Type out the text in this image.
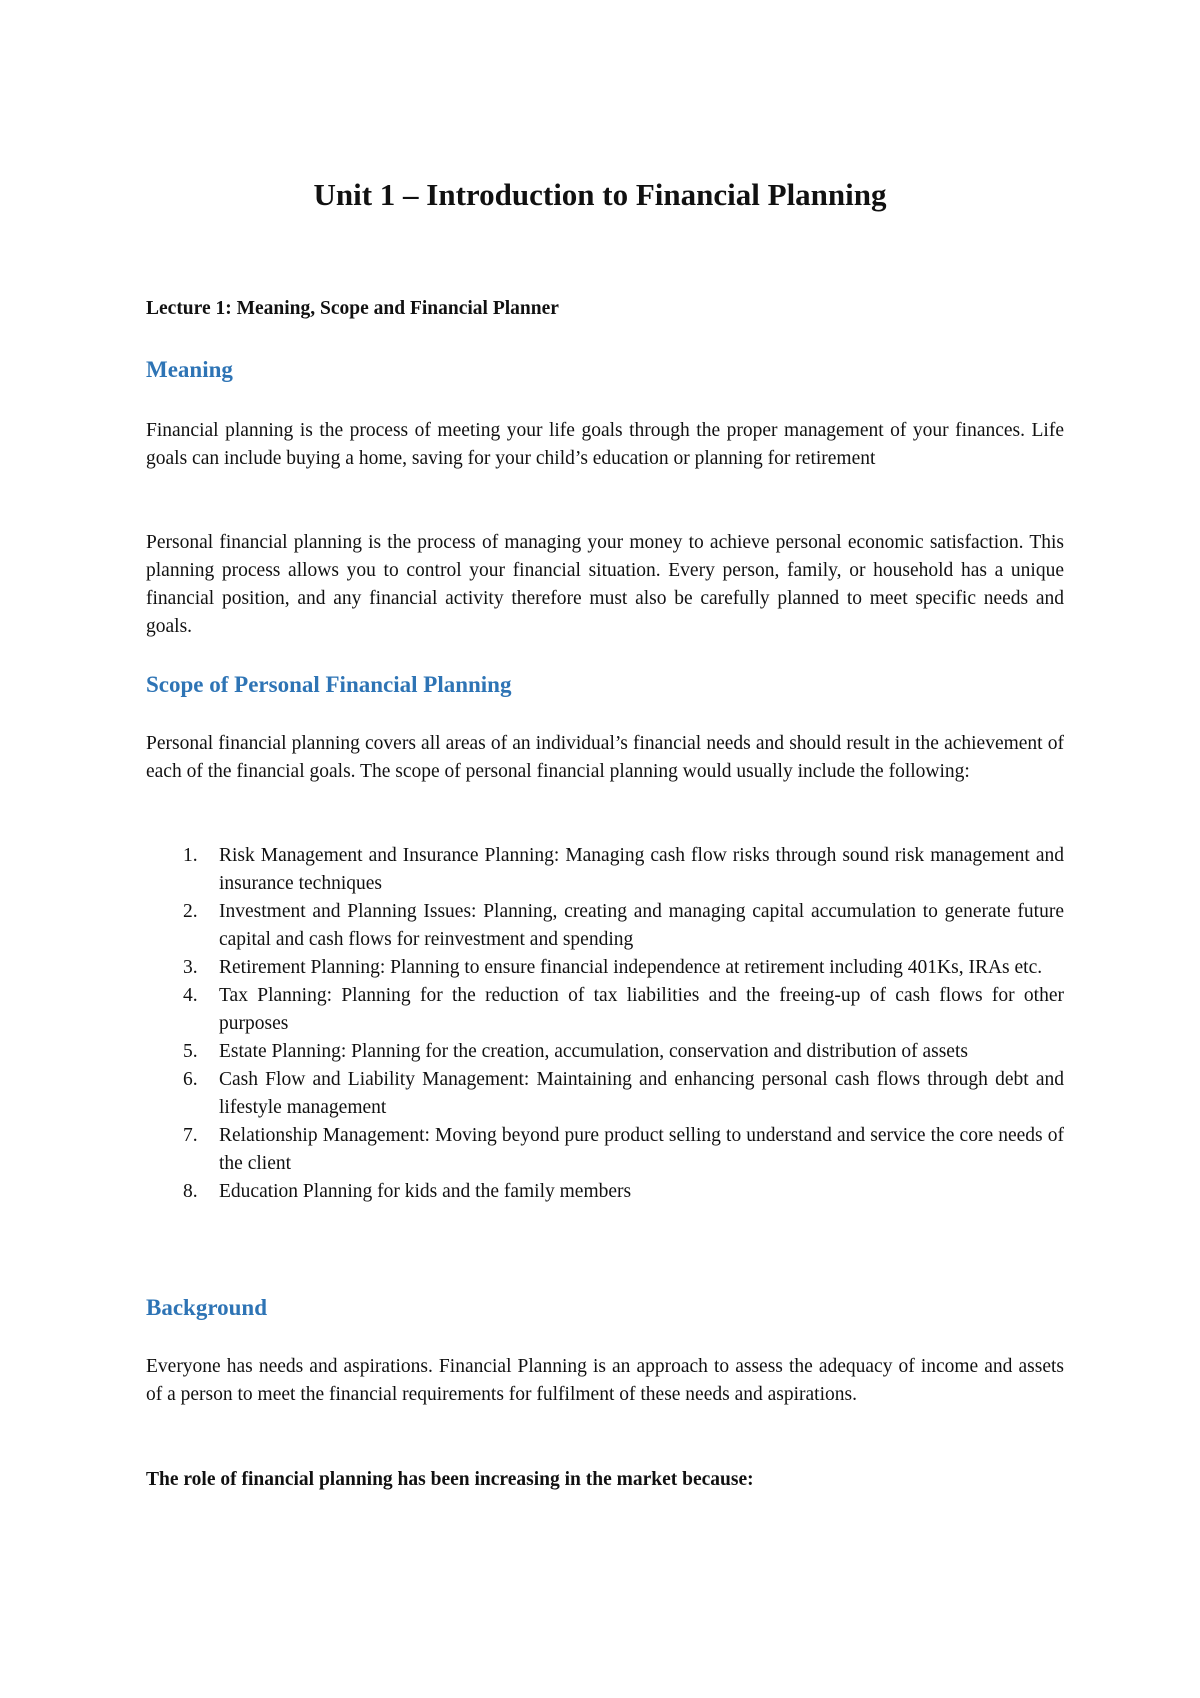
Unit 1 – Introduction to Financial Planning
Lecture 1: Meaning, Scope and Financial Planner
Meaning
Financial planning is the process of meeting your life goals through the proper management of your finances. Life goals can include buying a home, saving for your child’s education or planning for retirement
Personal financial planning is the process of managing your money to achieve personal economic satisfaction. This planning process allows you to control your financial situation. Every person, family, or household has a unique financial position, and any financial activity therefore must also be carefully planned to meet specific needs and goals.
Scope of Personal Financial Planning
Personal financial planning covers all areas of an individual’s financial needs and should result in the achievement of each of the financial goals. The scope of personal financial planning would usually include the following:
1. Risk Management and Insurance Planning: Managing cash flow risks through sound risk management and insurance techniques
2. Investment and Planning Issues: Planning, creating and managing capital accumulation to generate future capital and cash flows for reinvestment and spending
3. Retirement Planning: Planning to ensure financial independence at retirement including 401Ks, IRAs etc.
4. Tax Planning: Planning for the reduction of tax liabilities and the freeing-up of cash flows for other purposes
5. Estate Planning: Planning for the creation, accumulation, conservation and distribution of assets
6. Cash Flow and Liability Management: Maintaining and enhancing personal cash flows through debt and lifestyle management
7. Relationship Management: Moving beyond pure product selling to understand and service the core needs of the client
8. Education Planning for kids and the family members
Background
Everyone has needs and aspirations. Financial Planning is an approach to assess the adequacy of income and assets of a person to meet the financial requirements for fulfilment of these needs and aspirations.
The role of financial planning has been increasing in the market because:
